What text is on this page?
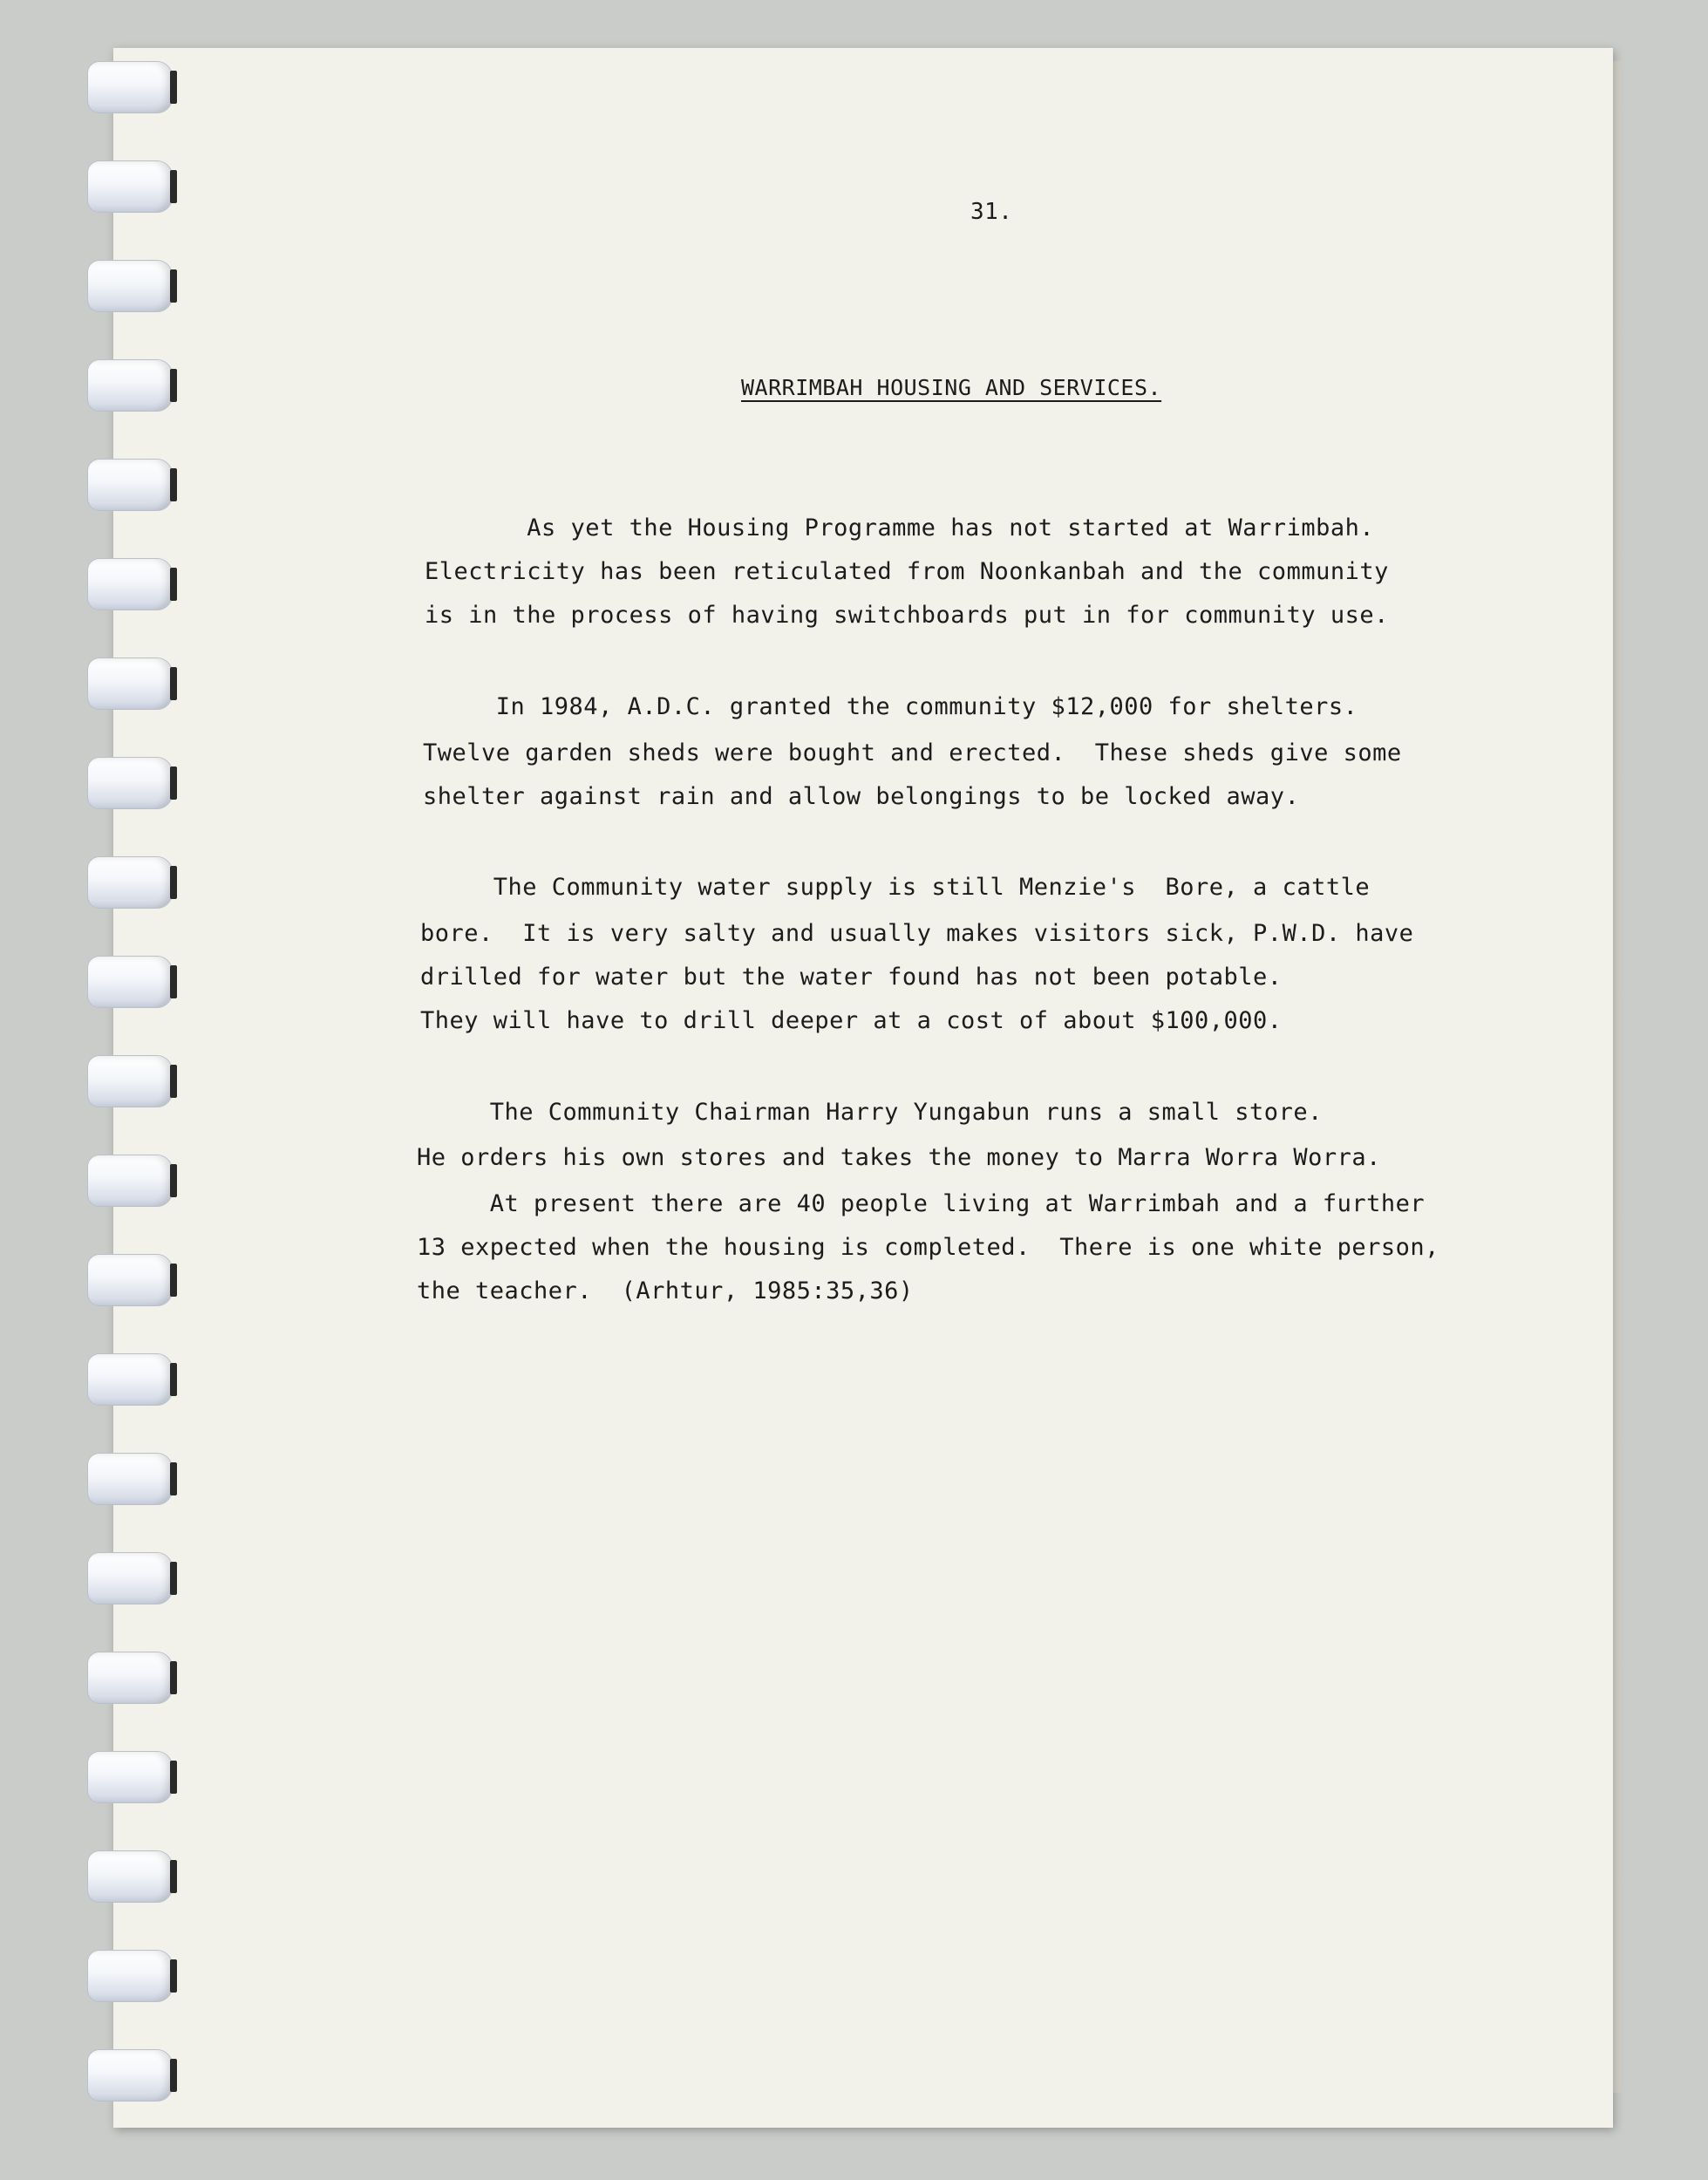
31.
WARRIMBAH HOUSING AND SERVICES.
As yet the Housing Programme has not started at Warrimbah.
Electricity has been reticulated from Noonkanbah and the community
is in the process of having switchboards put in for community use.
In 1984, A.D.C. granted the community $12,000 for shelters.
Twelve garden sheds were bought and erected.  These sheds give some
shelter against rain and allow belongings to be locked away.
The Community water supply is still Menzie's  Bore, a cattle
bore.  It is very salty and usually makes visitors sick, P.W.D. have
drilled for water but the water found has not been potable.
They will have to drill deeper at a cost of about $100,000.
The Community Chairman Harry Yungabun runs a small store.
He orders his own stores and takes the money to Marra Worra Worra.
At present there are 40 people living at Warrimbah and a further
13 expected when the housing is completed.  There is one white person,
the teacher.  (Arhtur, 1985:35,36)
